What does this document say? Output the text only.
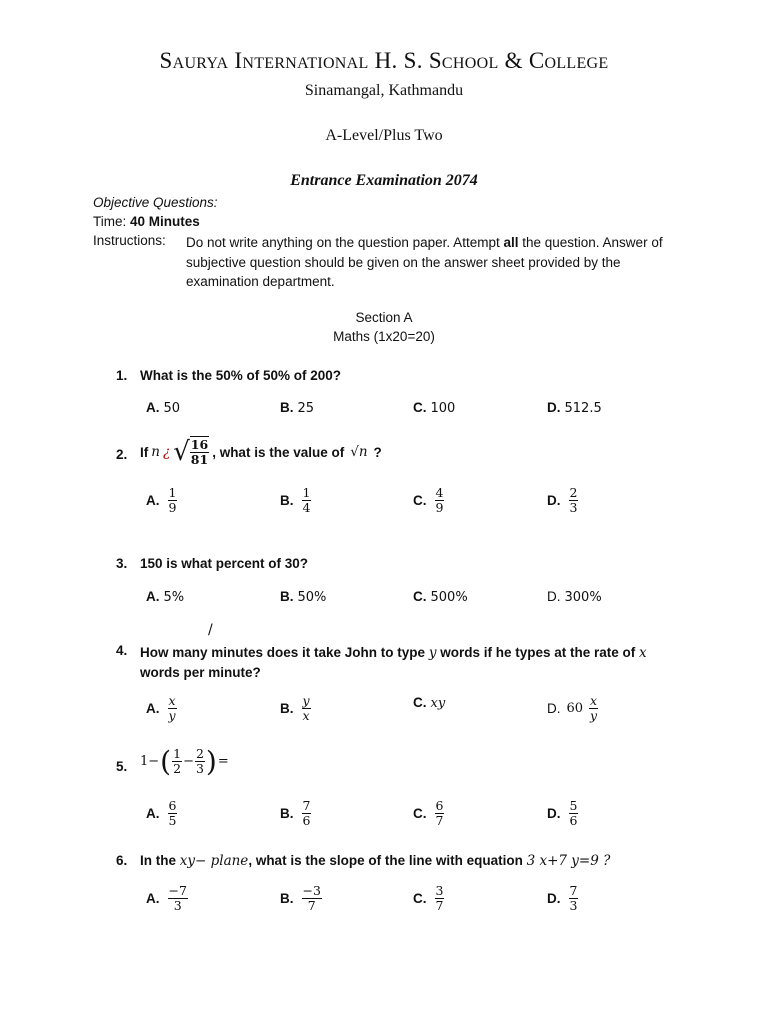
Saurya International H. S. School & College
Sinamangal, Kathmandu
A-Level/Plus Two
Entrance Examination 2074
Objective Questions:
Time: 40 Minutes
Instructions: Do not write anything on the question paper. Attempt all the question. Answer of subjective question should be given on the answer sheet provided by the examination department.
Section A
Maths (1x20=20)
1. What is the 50% of 50% of 200?
A. 50	B. 25	C. 100	D. 512.5
2. If n ¿ √ $\frac{16}{81}$ , what is the value of √n ?
A. $\frac{1}{9}$	B. $\frac{1}{4}$	C. $\frac{4}{9}$	D. $\frac{2}{3}$
3. 150 is what percent of 30?
A. 5%	B. 50%	C. 500%	D. 300%
/
4. How many minutes does it take John to type y words if he types at the rate of x
words per minute?
A. $\frac{x}{y}$	B. $\frac{y}{x}$	C. xy	D. $60 \frac{x}{y}$
5. 1− ( $\frac{1}{2} - \frac{2}{3}$ ) =
A. $\frac{6}{5}$	B. $\frac{7}{6}$	C. $\frac{6}{7}$	D. $\frac{5}{6}$
6. In the xy− plane, what is the slope of the line with equation 3 x+7 y=9 ?
A. $\frac{-7}{3}$	B. $\frac{-3}{7}$	C. $\frac{3}{7}$	D. $\frac{7}{3}$
